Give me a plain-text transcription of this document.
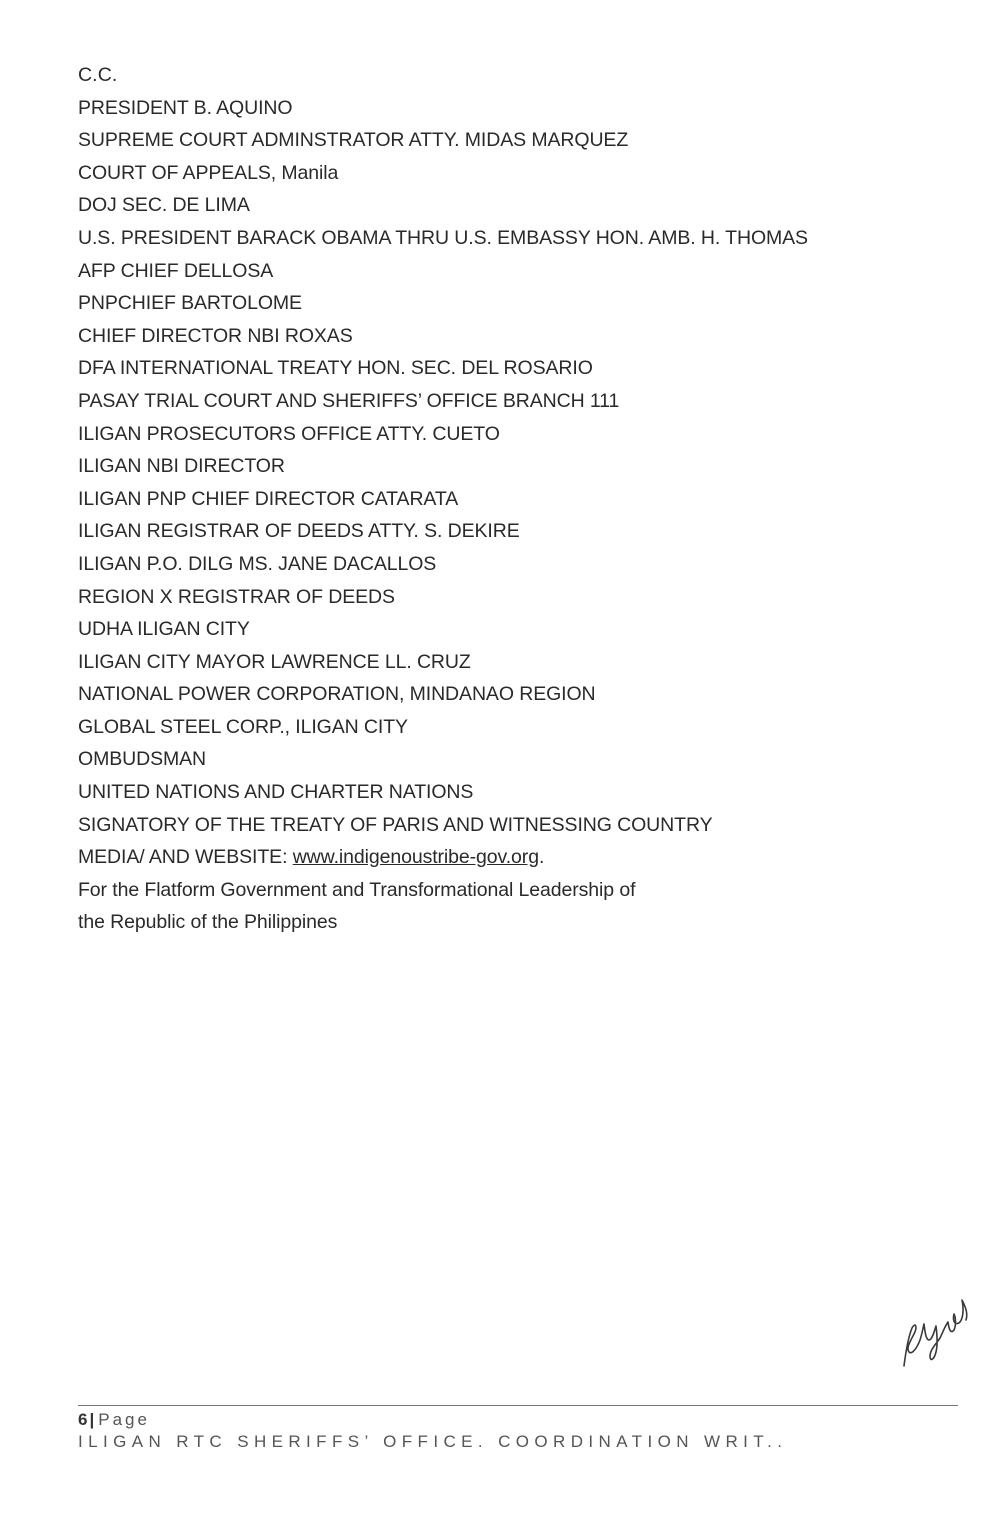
C.C.
PRESIDENT B. AQUINO
SUPREME COURT ADMINSTRATOR ATTY. MIDAS MARQUEZ
COURT OF APPEALS, Manila
DOJ SEC. DE LIMA
U.S. PRESIDENT BARACK OBAMA THRU U.S. EMBASSY HON. AMB. H. THOMAS
AFP CHIEF DELLOSA
PNPCHIEF BARTOLOME
CHIEF DIRECTOR NBI ROXAS
DFA INTERNATIONAL TREATY HON. SEC. DEL ROSARIO
PASAY TRIAL COURT AND SHERIFFS’ OFFICE BRANCH 111
ILIGAN PROSECUTORS OFFICE ATTY. CUETO
ILIGAN NBI DIRECTOR
ILIGAN PNP CHIEF DIRECTOR CATARATA
ILIGAN REGISTRAR OF DEEDS ATTY. S. DEKIRE
ILIGAN P.O. DILG MS. JANE DACALLOS
REGION X REGISTRAR OF DEEDS
UDHA ILIGAN CITY
ILIGAN CITY MAYOR LAWRENCE LL. CRUZ
NATIONAL POWER CORPORATION, MINDANAO REGION
GLOBAL STEEL CORP., ILIGAN CITY
OMBUDSMAN
UNITED NATIONS AND CHARTER NATIONS
SIGNATORY OF THE TREATY OF PARIS AND WITNESSING COUNTRY
MEDIA/ AND WEBSITE: www.indigenoustribe-gov.org.
For the Flatform Government and Transformational Leadership of
the Republic of the Philippines
6 | Page
ILIGAN RTC SHERIFFS’ OFFICE. COORDINATION WRIT..
